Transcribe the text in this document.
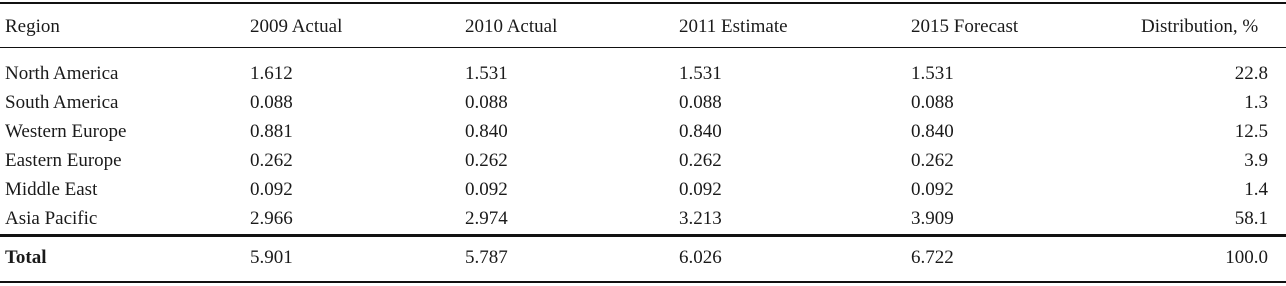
Region	2009 Actual	2010 Actual	2011 Estimate	2015 Forecast	Distribution, %
North America	1.612	1.531	1.531	1.531	22.8
South America	0.088	0.088	0.088	0.088	1.3
Western Europe	0.881	0.840	0.840	0.840	12.5
Eastern Europe	0.262	0.262	0.262	0.262	3.9
Middle East	0.092	0.092	0.092	0.092	1.4
Asia Pacific	2.966	2.974	3.213	3.909	58.1
Total	5.901	5.787	6.026	6.722	100.0
